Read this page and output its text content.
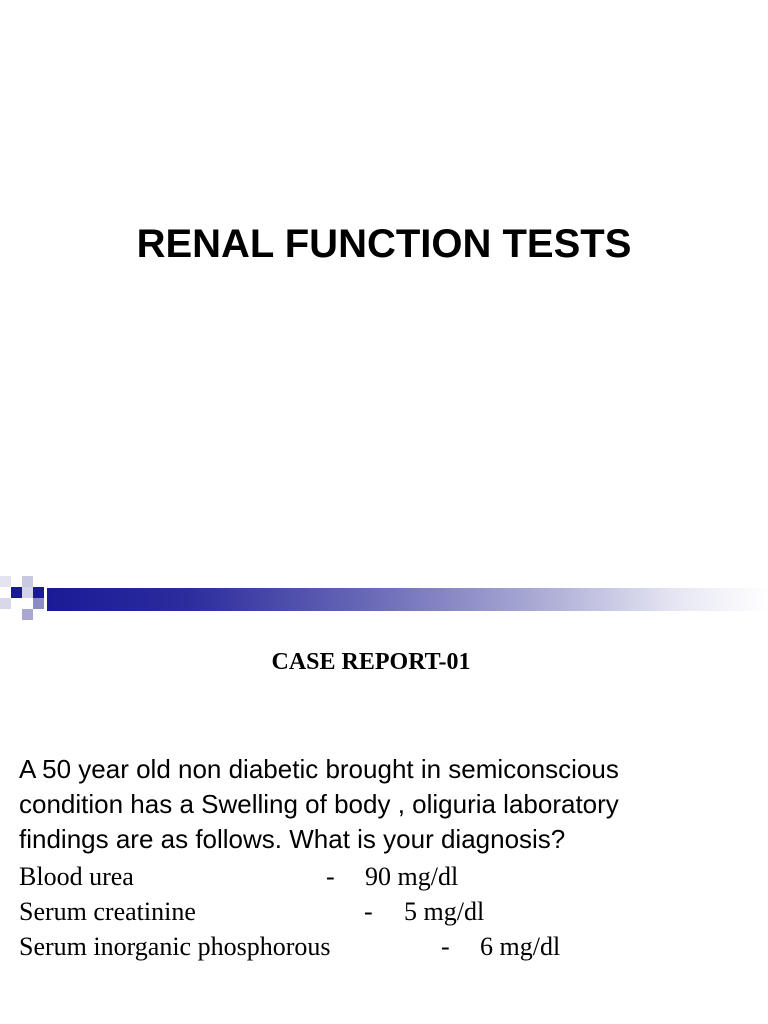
RENAL FUNCTION TESTS
CASE REPORT-01
A 50 year old non diabetic brought in semiconscious
condition has a Swelling of body , oliguria laboratory
findings are as follows. What is your diagnosis?
Blood urea	- 90 mg/dl
Serum creatinine	- 5 mg/dl
Serum inorganic phosphorous	- 6 mg/dl
